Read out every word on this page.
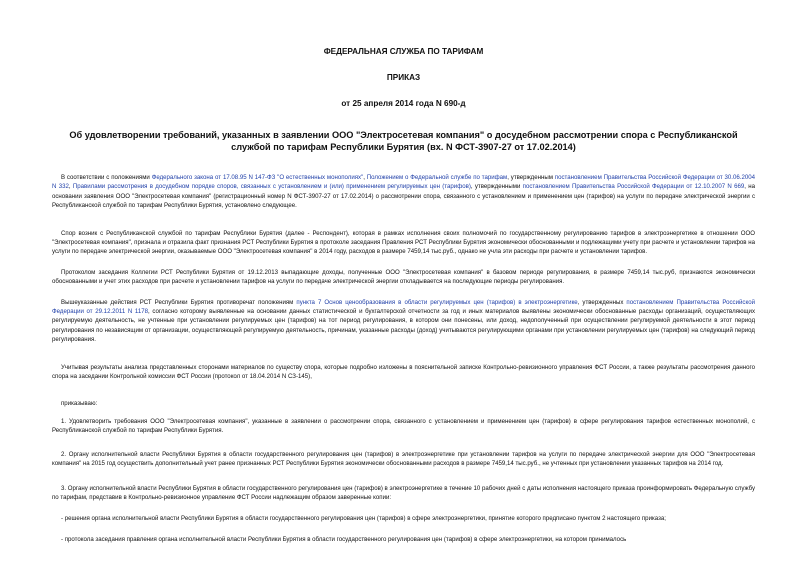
ФЕДЕРАЛЬНАЯ СЛУЖБА ПО ТАРИФАМ
ПРИКАЗ
от 25 апреля 2014 года N 690-д
Об удовлетворении требований, указанных в заявлении ООО "Электросетевая компания" о досудебном рассмотрении спора с Республиканской службой по тарифам Республики Бурятия (вх. N ФСТ-3907-27 от 17.02.2014)

В соответствии с положениями Федерального закона от 17.08.95 N 147-ФЗ "О естественных монополиях", Положением о Федеральной службе по тарифам, утвержденным постановлением Правительства Российской Федерации от 30.06.2004 N 332, Правилами рассмотрения в досудебном порядке споров, связанных с установлением и (или) применением регулируемых цен (тарифов), утвержденными постановлением Правительства Российской Федерации от 12.10.2007 N 669, на основании заявления ООО "Электросетевая компания" (регистрационный номер N ФСТ-3907-27 от 17.02.2014) о рассмотрении спора, связанного с установлением и применением цен (тарифов) на услуги по передаче электрической энергии с Республиканской службой по тарифам Республики Бурятия, установлено следующее.

Спор возник с Республиканской службой по тарифам Республики Бурятия (далее - Респондент), которая в рамках исполнения своих полномочий по государственному регулированию тарифов в электроэнергетике в отношении ООО "Электросетевая компания", признала и отразила факт признания РСТ Республики Бурятия в протоколе заседания Правления РСТ Республики Бурятия экономически обоснованными и подлежащими учету при расчете и установлении тарифов на услуги по передаче электрической энергии, оказываемые ООО "Электросетевая компания" в 2014 году, расходов в размере 7459,14 тыс.руб., однако не учла эти расходы при расчете и установлении тарифов.

Протоколом заседания Коллегии РСТ Республики Бурятия от 19.12.2013 выпадающие доходы, полученные ООО "Электросетевая компания" в базовом периоде регулирования, в размере 7459,14 тыс.руб, признаются экономически обоснованными и учет этих расходов при расчете и установлении тарифов на услуги по передаче электрической энергии откладывается на последующие периоды регулирования.

Вышеуказанные действия РСТ Республики Бурятия противоречат положениям пункта 7 Основ ценообразования в области регулируемых цен (тарифов) в электроэнергетике, утвержденных постановлением Правительства Российской Федерации от 29.12.2011 N 1178, согласно которому выявленные на основании данных статистической и бухгалтерской отчетности за год и иных материалов выявлены экономически обоснованные расходы организаций, осуществляющих регулируемую деятельность, не учтенные при установлении регулируемых цен (тарифов) на тот период регулирования, в котором они понесены, или доход, недополученный при осуществлении регулируемой деятельности в этот период регулирования по независящим от организации, осуществляющей регулируемую деятельность, причинам, указанные расходы (доход) учитываются регулирующими органами при установлении регулируемых цен (тарифов) на следующий период регулирования.

Учитывая результаты анализа представленных сторонами материалов по существу спора, которые подробно изложены в пояснительной записке Контрольно-ревизионного управления ФСТ России, а также результаты рассмотрения данного спора на заседании Контрольной комиссии ФСТ России (протокол от 18.04.2014 N СЗ-145),

приказываю:

1. Удовлетворить требования ООО "Электросетевая компания", указанные в заявлении о рассмотрении спора, связанного с установлением и применением цен (тарифов) в сфере регулирования тарифов естественных монополий, с Республиканской службой по тарифам Республики Бурятия.

2. Органу исполнительной власти Республики Бурятия в области государственного регулирования цен (тарифов) в электроэнергетике при установлении тарифов на услуги по передаче электрической энергии для ООО "Электросетевая компания" на 2015 год осуществить дополнительный учет ранее признанных РСТ Республики Бурятия экономически обоснованными расходов в размере 7459,14 тыс.руб., не учтенных при установлении указанных тарифов на 2014 год.

3. Органу исполнительной власти Республики Бурятия в области государственного регулирования цен (тарифов) в электроэнергетике в течение 10 рабочих дней с даты исполнения настоящего приказа проинформировать Федеральную службу по тарифам, представив в Контрольно-ревизионное управление ФСТ России надлежащим образом заверенные копии:

- решения органа исполнительной власти Республики Бурятия в области государственного регулирования цен (тарифов) в сфере электроэнергетики, принятие которого предписано пунктом 2 настоящего приказа;

- протокола заседания правления органа исполнительной власти Республики Бурятия в области государственного регулирования цен (тарифов) в сфере электроэнергетики, на котором принималось
